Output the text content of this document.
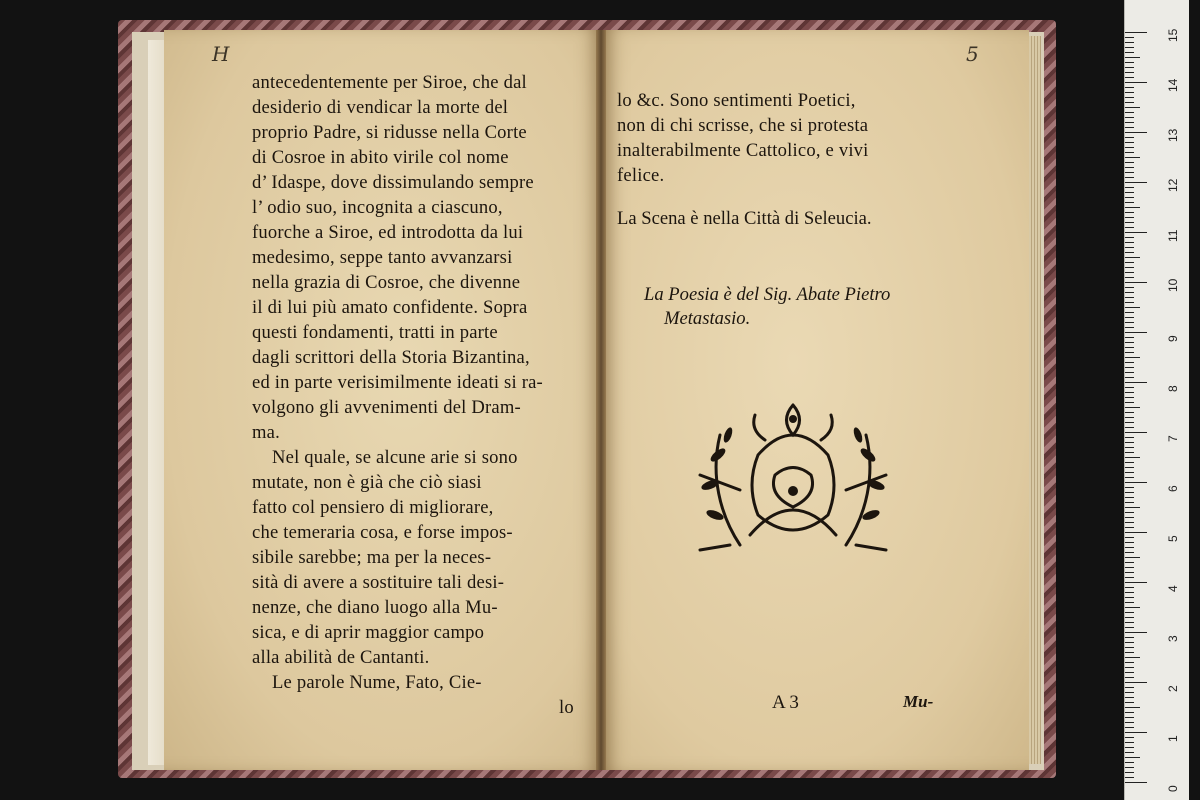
H	5
antecedentemente per Siroe, che dal
desiderio di vendicar la morte del
proprio Padre, si ridusse nella Corte
di Cosroe in abito virile col nome
d’ Idaspe, dove dissimulando sempre
l’ odio suo, incognita a ciascuno,
fuorche a Siroe, ed introdotta da lui
medesimo, seppe tanto avvanzarsi
nella grazia di Cosroe, che divenne
il di lui più amato confidente. Sopra
questi fondamenti, tratti in parte
dagli scrittori della Storia Bizantina,
ed in parte verisimilmente ideati si ra-
volgono gli avvenimenti del Dram-
ma.
Nel quale, se alcune arie si sono
mutate, non è già che ciò siasi
fatto col pensiero di migliorare,
che temeraria cosa, e forse impos-
sibile sarebbe; ma per la neces-
sità di avere a sostituire tali desi-
nenze, che diano luogo alla Mu-
sica, e di aprir maggior campo
alla abilità de Cantanti.
Le parole Nume, Fato, Cie-
lo
lo &c. Sono sentimenti Poetici,
non di chi scrisse, che si protesta
inalterabilmente Cattolico, e vivi
felice.
La Scena è nella Città di Seleucia.
La Poesia è del Sig. Abate Pietro
Metastasio.
A 3	Mu-
15
14
13
12
11
10
9
8
7
6
5
4
3
2
1
0
